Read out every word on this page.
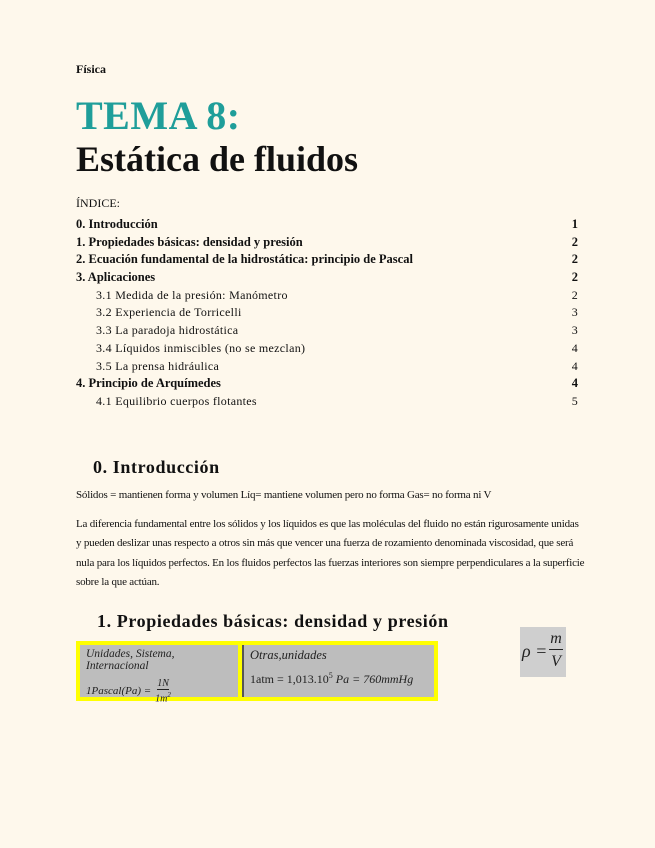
Física
TEMA 8:
Estática de fluidos
ÍNDICE:
0. Introducción	1
1. Propiedades básicas: densidad y presión	2
2. Ecuación fundamental de la hidrostática: principio de Pascal	2
3. Aplicaciones	2
3.1 Medida de la presión: Manómetro	2
3.2 Experiencia de Torricelli	3
3.3 La paradoja hidrostática	3
3.4 Líquidos inmiscibles (no se mezclan)	4
3.5 La prensa hidráulica	4
4. Principio de Arquímedes	4
4.1 Equilibrio cuerpos flotantes	5
0. Introducción
Sólidos = mantienen forma y volumen Líq= mantiene volumen pero no forma Gas= no forma ni V
La diferencia fundamental entre los sólidos y los líquidos es que las moléculas del fluido no están rigurosamente unidas y pueden deslizar unas respecto a otros sin más que vencer una fuerza de rozamiento denominada viscosidad, que será nula para los líquidos perfectos. En los fluidos perfectos las fuerzas interiores son siempre perpendiculares a la superficie sobre la que actúan.
1. Propiedades básicas: densidad y presión
Unidades, Sistema, Internacional
1Pascal(Pa) = $\frac{1N}{1m^2}$
Otras,unidades
$1atm = 1,013.10^5$ Pa = 760mmHg
ρ =
m
V
